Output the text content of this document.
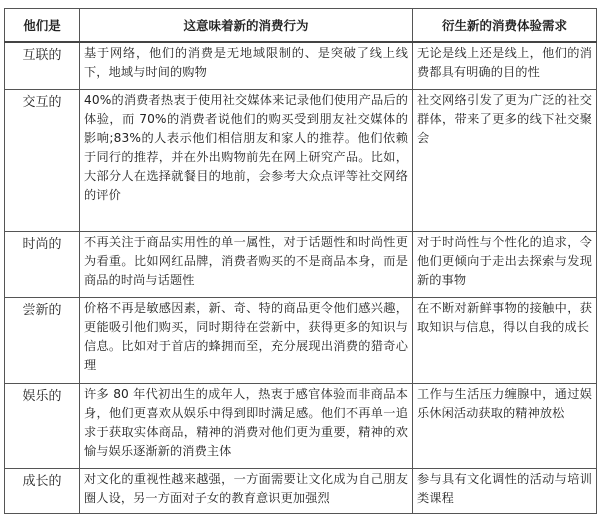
他们是	这意味着新的消费行为	衍生新的消费体验需求
互联的	基于网络，他们的消费是无地域限制的、是突破了线上线下，地域与时间的购物	无论是线上还是线上，他们的消费都具有明确的目的性
交互的	40%的消费者热衷于使用社交媒体来记录他们使用产品后的体验，而 70%的消费者说他们的购买受到朋友社交媒体的影响;83%的人表示他们相信朋友和家人的推荐。他们依赖于同行的推荐，并在外出购物前先在网上研究产品。比如，大部分人在选择就餐目的地前，会参考大众点评等社交网络的评价	社交网络引发了更为广泛的社交群体，带来了更多的线下社交聚会
时尚的	不再关注于商品实用性的单一属性，对于话题性和时尚性更为看重。比如网红品牌，消费者购买的不是商品本身，而是商品的时尚与话题性	对于时尚性与个性化的追求，令他们更倾向于走出去探索与发现新的事物
尝新的	价格不再是敏感因素，新、奇、特的商品更令他们感兴趣，更能吸引他们购买，同时期待在尝新中，获得更多的知识与信息。比如对于首店的蜂拥而至，充分展现出消费的猎奇心理	在不断对新鲜事物的接触中，获取知识与信息，得以自我的成长
娱乐的	许多 80 年代初出生的成年人，热衷于感官体验而非商品本身，他们更喜欢从娱乐中得到即时满足感。他们不再单一追求于获取实体商品，精神的消费对他们更为重要，精神的欢愉与娱乐逐渐新的消费主体	工作与生活压力缠腺中，通过娱乐休闲活动获取的精神放松
成长的	对文化的重视性越来越强，一方面需要让文化成为自己朋友圈人设，另一方面对子女的教育意识更加强烈	参与具有文化调性的活动与培训类课程
